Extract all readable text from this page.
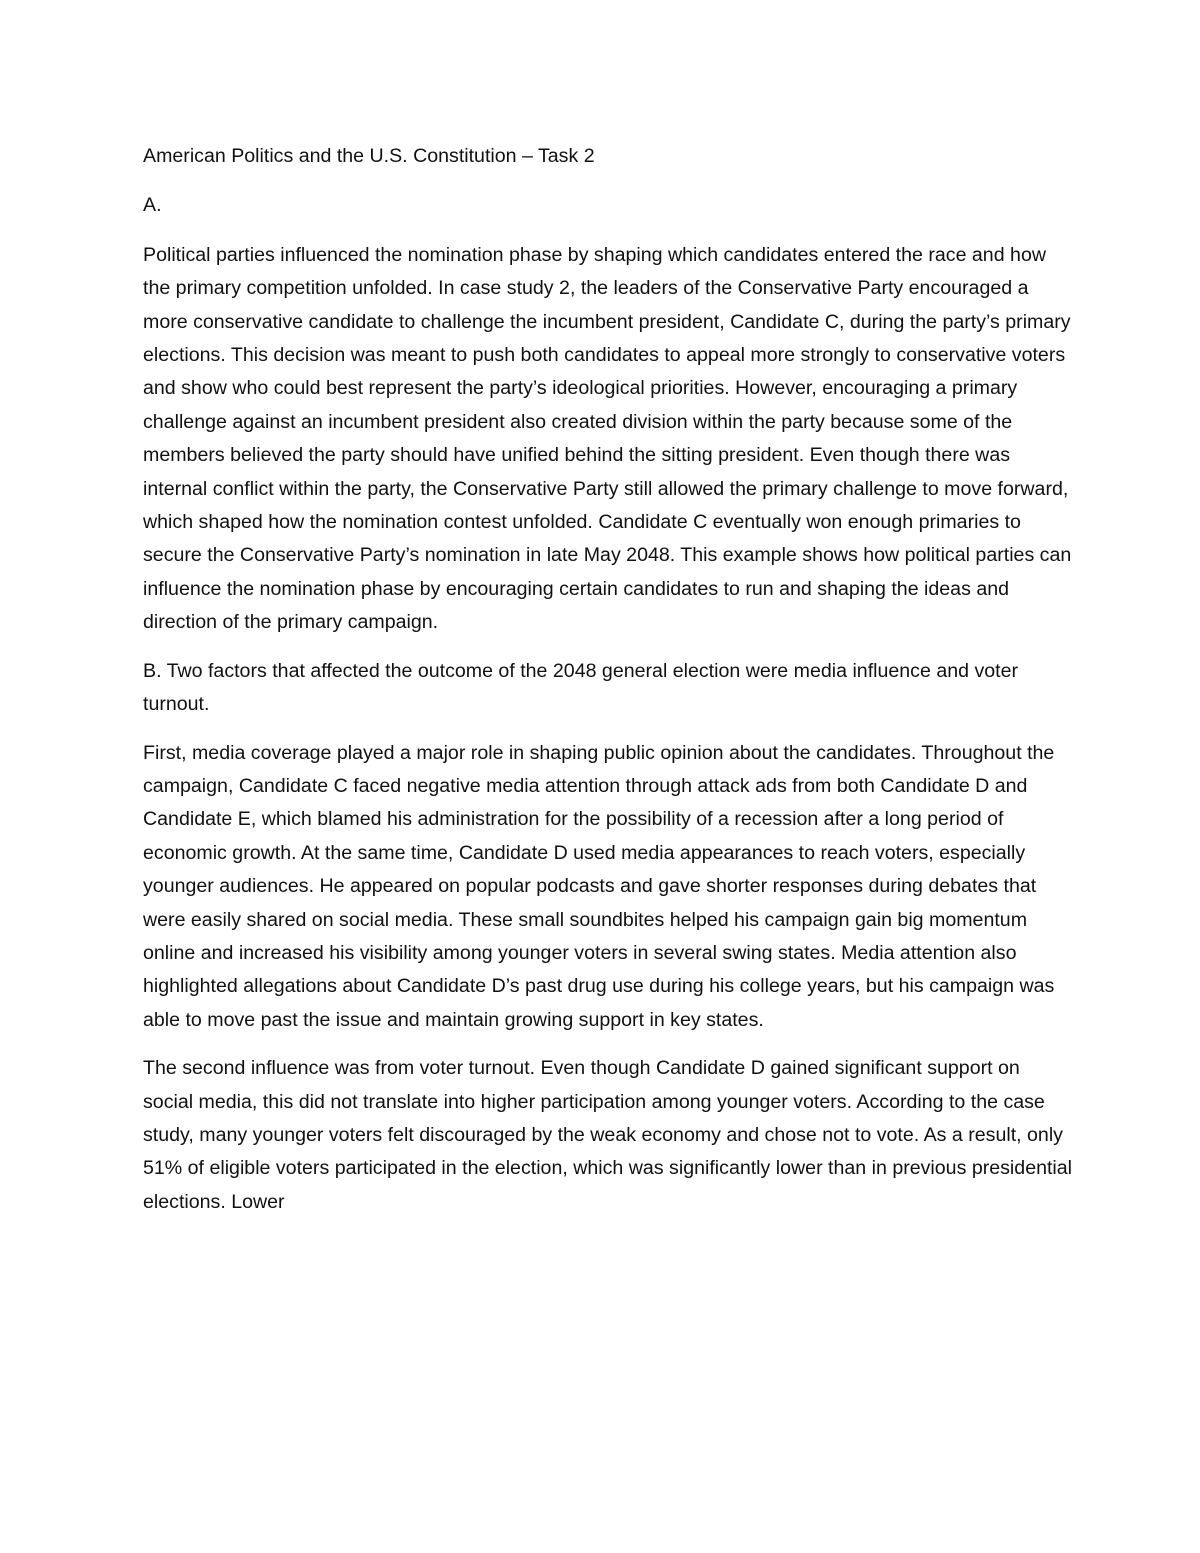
American Politics and the U.S. Constitution – Task 2

A.

Political parties influenced the nomination phase by shaping which candidates entered the race and how the primary competition unfolded. In case study 2, the leaders of the Conservative Party encouraged a more conservative candidate to challenge the incumbent president, Candidate C, during the party’s primary elections. This decision was meant to push both candidates to appeal more strongly to conservative voters and show who could best represent the party’s ideological priorities. However, encouraging a primary challenge against an incumbent president also created division within the party because some of the members believed the party should have unified behind the sitting president. Even though there was internal conflict within the party, the Conservative Party still allowed the primary challenge to move forward, which shaped how the nomination contest unfolded. Candidate C eventually won enough primaries to secure the Conservative Party’s nomination in late May 2048. This example shows how political parties can influence the nomination phase by encouraging certain candidates to run and shaping the ideas and direction of the primary campaign.

B. Two factors that affected the outcome of the 2048 general election were media influence and voter turnout.

First, media coverage played a major role in shaping public opinion about the candidates. Throughout the campaign, Candidate C faced negative media attention through attack ads from both Candidate D and Candidate E, which blamed his administration for the possibility of a recession after a long period of economic growth. At the same time, Candidate D used media appearances to reach voters, especially younger audiences. He appeared on popular podcasts and gave shorter responses during debates that were easily shared on social media. These small soundbites helped his campaign gain big momentum online and increased his visibility among younger voters in several swing states. Media attention also highlighted allegations about Candidate D’s past drug use during his college years, but his campaign was able to move past the issue and maintain growing support in key states.

The second influence was from voter turnout. Even though Candidate D gained significant support on social media, this did not translate into higher participation among younger voters. According to the case study, many younger voters felt discouraged by the weak economy and chose not to vote. As a result, only 51% of eligible voters participated in the election, which was significantly lower than in previous presidential elections. Lower
